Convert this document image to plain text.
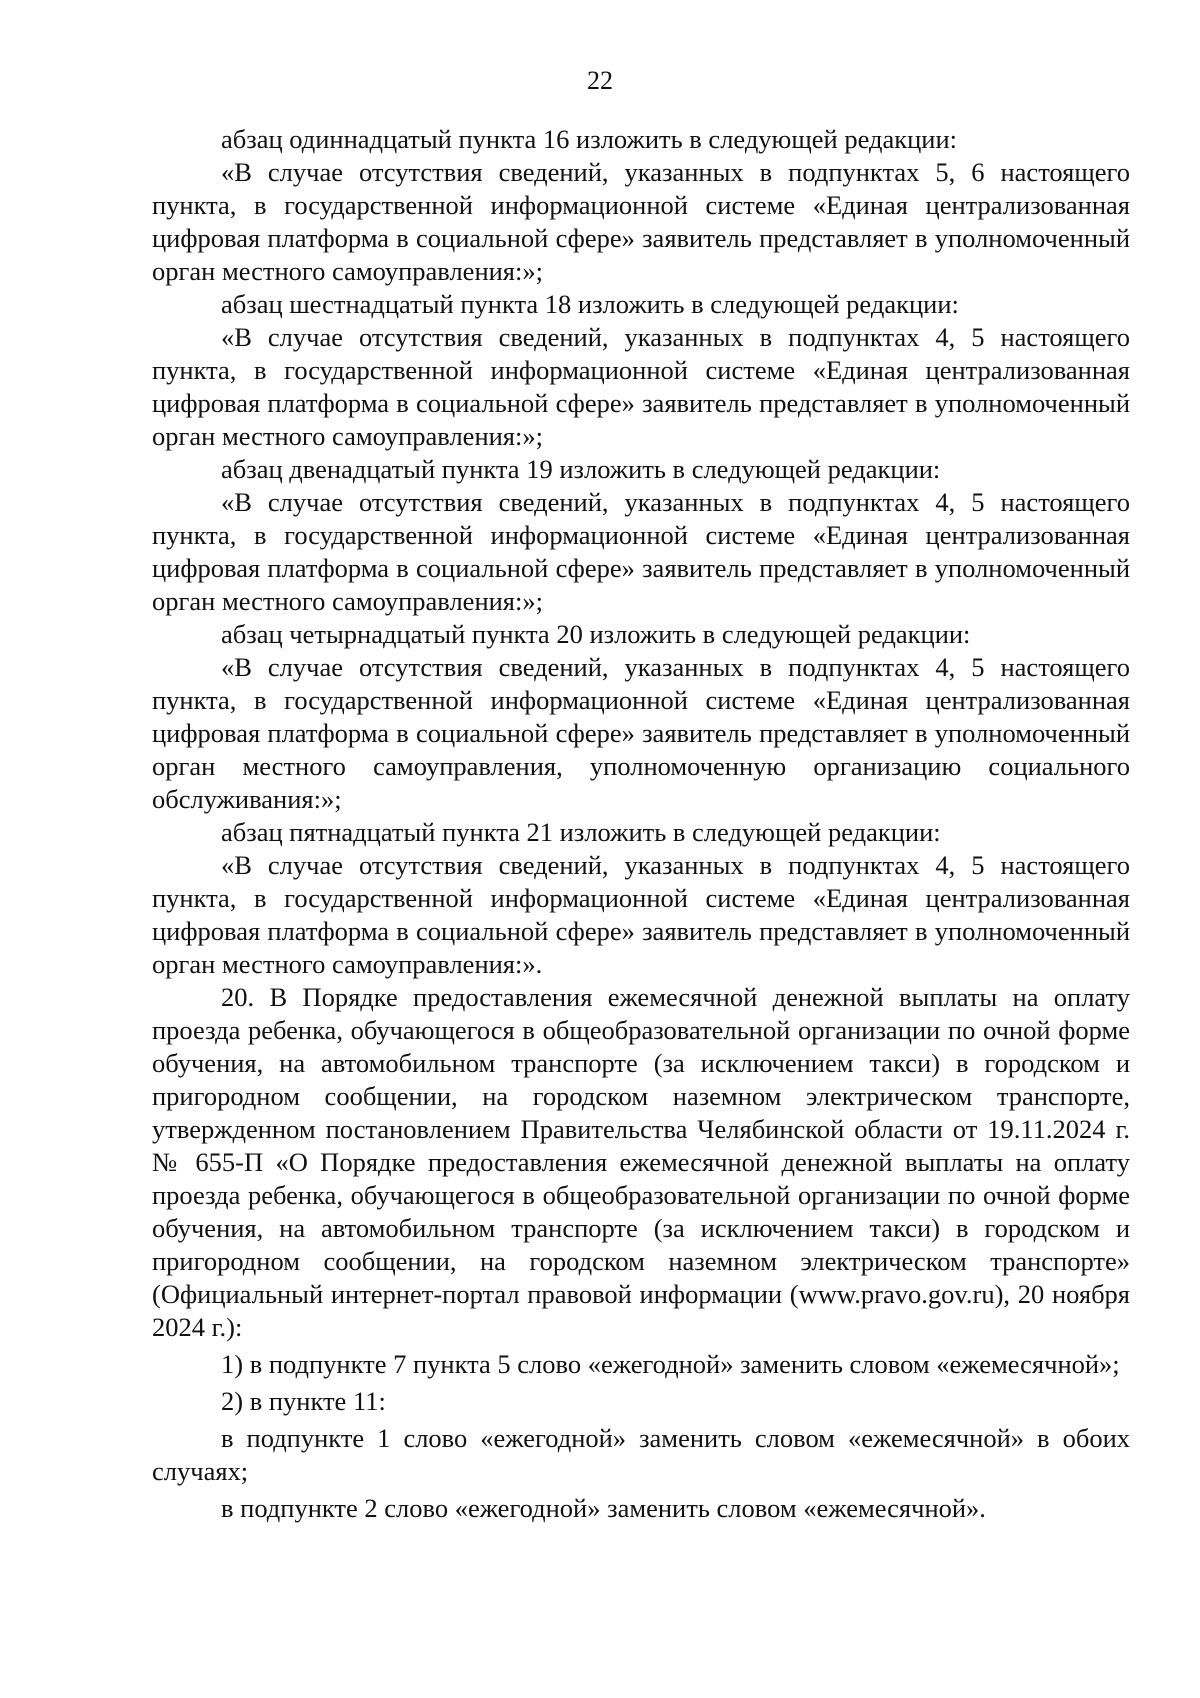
22

абзац одиннадцатый пункта 16 изложить в следующей редакции:

«В случае отсутствия сведений, указанных в подпунктах 5, 6 настоящего пункта, в государственной информационной системе «Единая централизованная цифровая платформа в социальной сфере» заявитель представляет в уполномоченный орган местного самоуправления:»;

абзац шестнадцатый пункта 18 изложить в следующей редакции:

«В случае отсутствия сведений, указанных в подпунктах 4, 5 настоящего пункта, в государственной информационной системе «Единая централизованная цифровая платформа в социальной сфере» заявитель представляет в уполномоченный орган местного самоуправления:»;

абзац двенадцатый пункта 19 изложить в следующей редакции:

«В случае отсутствия сведений, указанных в подпунктах 4, 5 настоящего пункта, в государственной информационной системе «Единая централизованная цифровая платформа в социальной сфере» заявитель представляет в уполномоченный орган местного самоуправления:»;

абзац четырнадцатый пункта 20 изложить в следующей редакции:

«В случае отсутствия сведений, указанных в подпунктах 4, 5 настоящего пункта, в государственной информационной системе «Единая централизованная цифровая платформа в социальной сфере» заявитель представляет в уполномоченный орган местного самоуправления, уполномоченную организацию социального обслуживания:»;

абзац пятнадцатый пункта 21 изложить в следующей редакции:

«В случае отсутствия сведений, указанных в подпунктах 4, 5 настоящего пункта, в государственной информационной системе «Единая централизованная цифровая платформа в социальной сфере» заявитель представляет в уполномоченный орган местного самоуправления:».

20. В Порядке предоставления ежемесячной денежной выплаты на оплату проезда ребенка, обучающегося в общеобразовательной организации по очной форме обучения, на автомобильном транспорте (за исключением такси) в городском и пригородном сообщении, на городском наземном электрическом транспорте, утвержденном постановлением Правительства Челябинской области от 19.11.2024 г. № 655-П «О Порядке предоставления ежемесячной денежной выплаты на оплату проезда ребенка, обучающегося в общеобразовательной организации по очной форме обучения, на автомобильном транспорте (за исключением такси) в городском и пригородном сообщении, на городском наземном электрическом транспорте» (Официальный интернет-портал правовой информации (www.pravo.gov.ru), 20 ноября 2024 г.):

1) в подпункте 7 пункта 5 слово «ежегодной» заменить словом «ежемесячной»;

2) в пункте 11:

в подпункте 1 слово «ежегодной» заменить словом «ежемесячной» в обоих случаях;

в подпункте 2 слово «ежегодной» заменить словом «ежемесячной».
